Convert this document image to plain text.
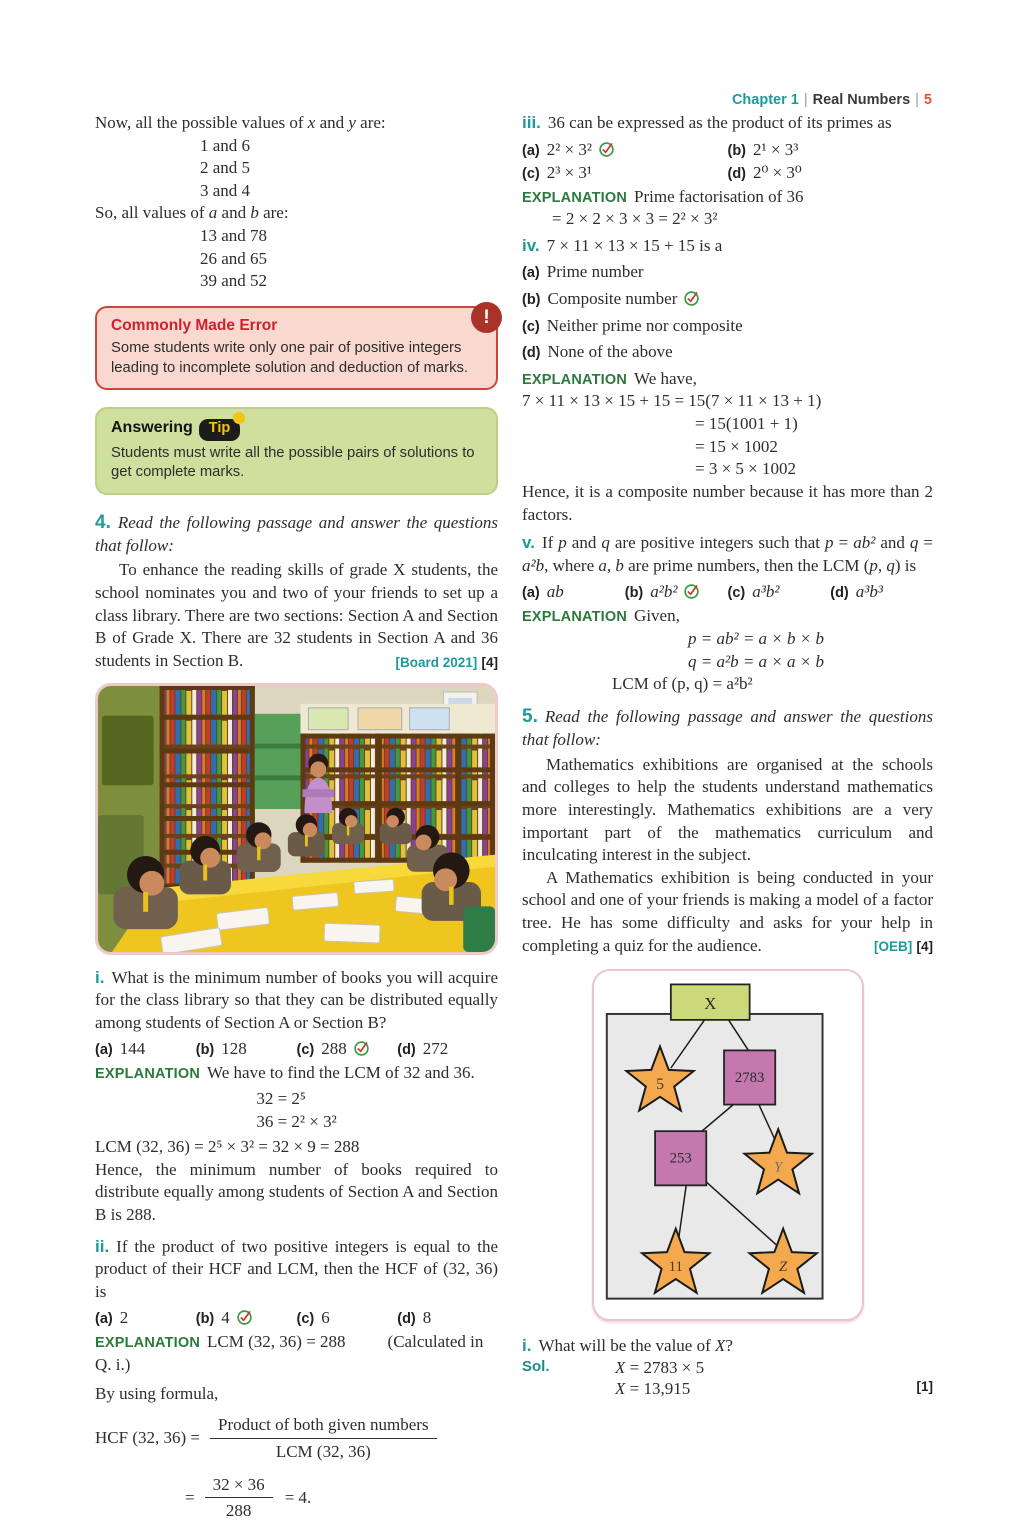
Chapter 1 | Real Numbers | 5

Now, all the possible values of x and y are:

1 and 6

2 and 5

3 and 4

So, all values of a and b are:

13 and 78

26 and 65

39 and 52

!
Commonly Made Error
Some students write only one pair of positive integers leading to incomplete solution and deduction of marks.
Answering Tip
Students must write all the possible pairs of solutions to get complete marks.

4. Read the following passage and answer the questions that follow:

To enhance the reading skills of grade X students, the school nominates you and two of your friends to set up a class library. There are two sections: Section A and Section B of Grade X. There are 32 students in Section A and 36 students in Section B.	[Board 2021] [4]

i. What is the minimum number of books you will acquire for the class library so that they can be distributed equally among students of Section A or Section B?

(a) 144	(b) 128	(c) 288	(d) 272

EXPLANATION We have to find the LCM of 32 and 36.

32 = 2⁵
36 = 2² × 3²

LCM (32, 36) = 2⁵ × 3² = 32 × 9 = 288

Hence, the minimum number of books required to distribute equally among students of Section A and Section B is 288.

ii. If the product of two positive integers is equal to the product of their HCF and LCM, then the HCF of (32, 36) is

(a) 2	(b) 4	(c) 6	(d) 8

EXPLANATION LCM (32, 36) = 288 (Calculated in Q. i.)

By using formula,

HCF (32, $36) = \frac{\text{Product of both given numbers}}{\text{LCM (32, 36)}}$
= $\frac{32 \times 36}{288} = 4$.

iii. 36 can be expressed as the product of its primes as

(a) 2² × 3²	(b) 2¹ × 3³
(c) 2³ × 3¹	(d) 2⁰ × 3⁰

EXPLANATION Prime factorisation of 36

= 2 × 2 × 3 × 3 = 2² × 3²

iv. 7 × 11 × 13 × 15 + 15 is a

(a) Prime number

(b) Composite number

(c) Neither prime nor composite

(d) None of the above

EXPLANATION We have,

7 × 11 × 13 × 15 + 15 = 15(7 × 11 × 13 + 1)

= 15(1001 + 1)

= 15 × 1002

= 3 × 5 × 1002

Hence, it is a composite number because it has more than 2 factors.

v. If p and q are positive integers such that p = ab² and q = a²b, where a, b are prime numbers, then the LCM (p, q) is

(a) ab	(b) a²b²	(c) a³b²	(d) a³b³

EXPLANATION Given,

p = ab² = a × b × b

q = a²b = a × a × b

LCM of (p, q) = a²b²

5. Read the following passage and answer the questions that follow:

Mathematics exhibitions are organised at the schools and colleges to help the students understand mathematics more interestingly. Mathematics exhibitions are a very important part of the mathematics curriculum and inculcating interest in the subject.

A Mathematics exhibition is being conducted in your school and one of your friends is making a model of a factor tree. He has some difficulty and asks for your help in completing a quiz for the audience.	[OEB] [4]
X
5	2783
253
Y
11	Z

i. What will be the value of X?

Sol.	X = 2783 × 5

X = 13,915	[1]
